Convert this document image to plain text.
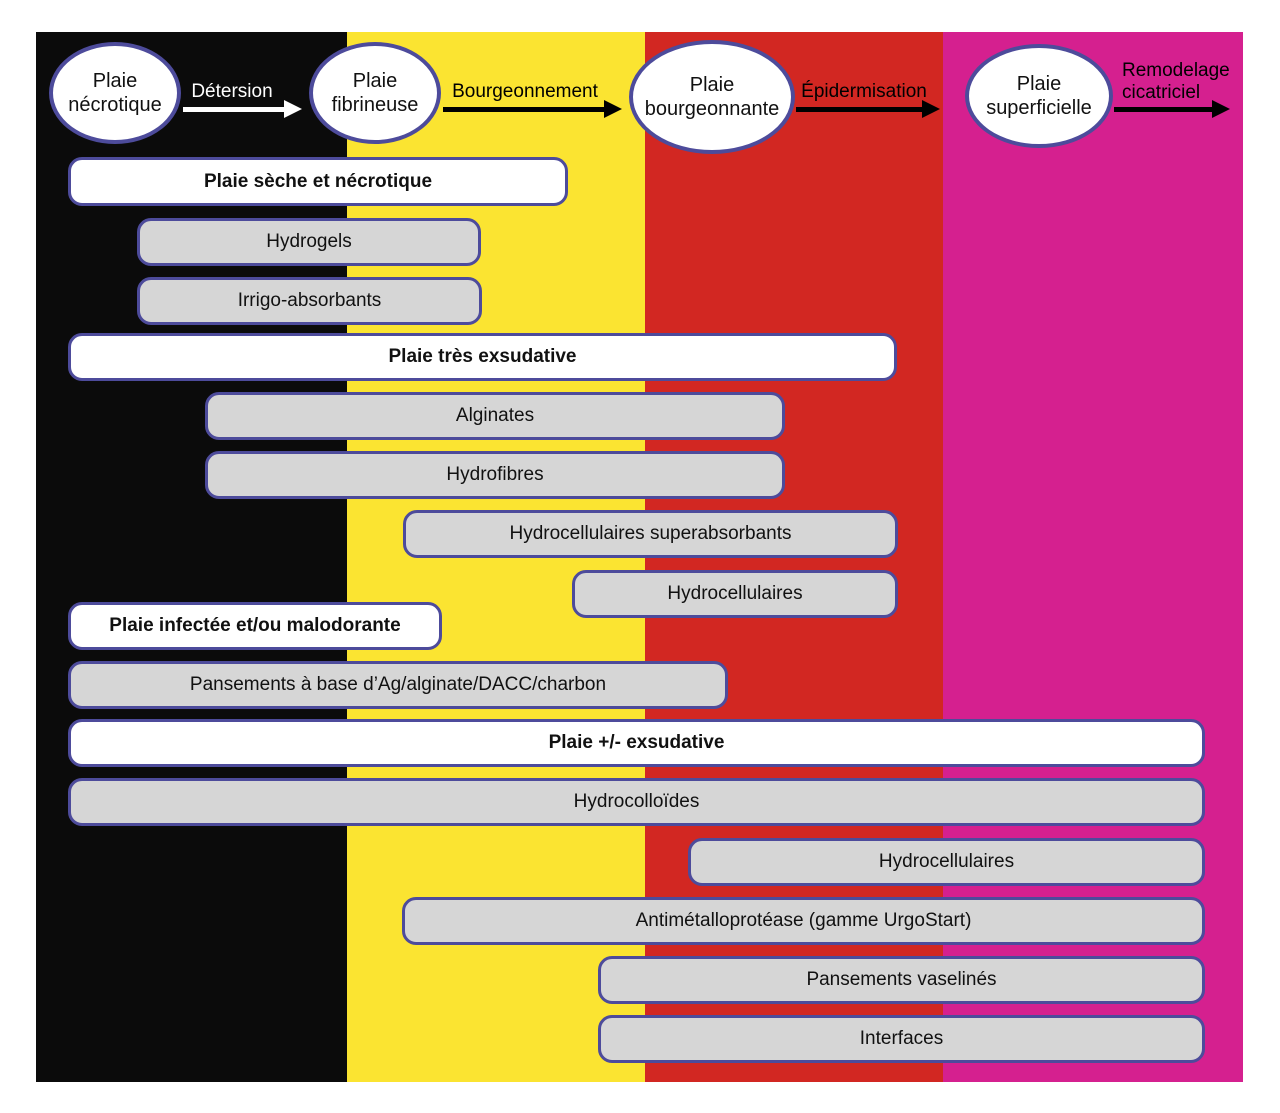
Plaie
nécrotique
Plaie
fibrineuse
Plaie
bourgeonnante
Plaie
superficielle
Détersion	Bourgeonnement	Épidermisation
Remodelage cicatriciel
Plaie sèche et nécrotique
Hydrogels
Irrigo-absorbants
Plaie très exsudative
Alginates
Hydrofibres
Hydrocellulaires superabsorbants
Hydrocellulaires
Plaie infectée et/ou malodorante
Pansements à base d’Ag/alginate/DACC/charbon
Plaie +/- exsudative
Hydrocolloïdes
Hydrocellulaires
Antimétalloprotéase (gamme UrgoStart)
Pansements vaselinés
Interfaces
